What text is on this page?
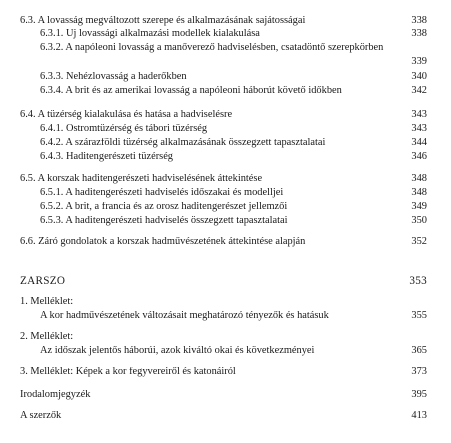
6.3. A lovasság megváltozott szerepe és alkalmazásának sajátosságai	338
6.3.1. Új lovassági alkalmazási modellek kialakulása	338
6.3.2. A napóleoni lovasság a manőverező hadviselésben, csatadöntő szerepkörben
339
6.3.3. Nehézlovasság a haderőkben	340
6.3.4. A brit és az amerikai lovasság a napóleoni háborút követő időkben	342
6.4. A tüzérség kialakulása és hatása a hadviselésre	343
6.4.1. Ostromtüzérség és tábori tüzérség	343
6.4.2. A szárazföldi tüzérség alkalmazásának összegzett tapasztalatai	344
6.4.3. Haditengerészeti tüzérség	346
6.5. A korszak haditengerészeti hadviselésének áttekintése	348
6.5.1. A haditengerészeti hadviselés időszakai és modelljei	348
6.5.2. A brit, a francia és az orosz haditengerészet jellemzői	349
6.5.3. A haditengerészeti hadviselés összegzett tapasztalatai	350
6.6. Záró gondolatok a korszak hadművészetének áttekintése alapján	352
ZÁRSZÓ	353
1. Melléklet:
A kor hadművészetének változásait meghatározó tényezők és hatásuk	355
2. Melléklet:
Az időszak jelentős háborúi, azok kiváltó okai és következményei	365
3. Melléklet: Képek a kor fegyvereiről és katonáiról	373
Irodalomjegyzék	395
A szerzők	413
